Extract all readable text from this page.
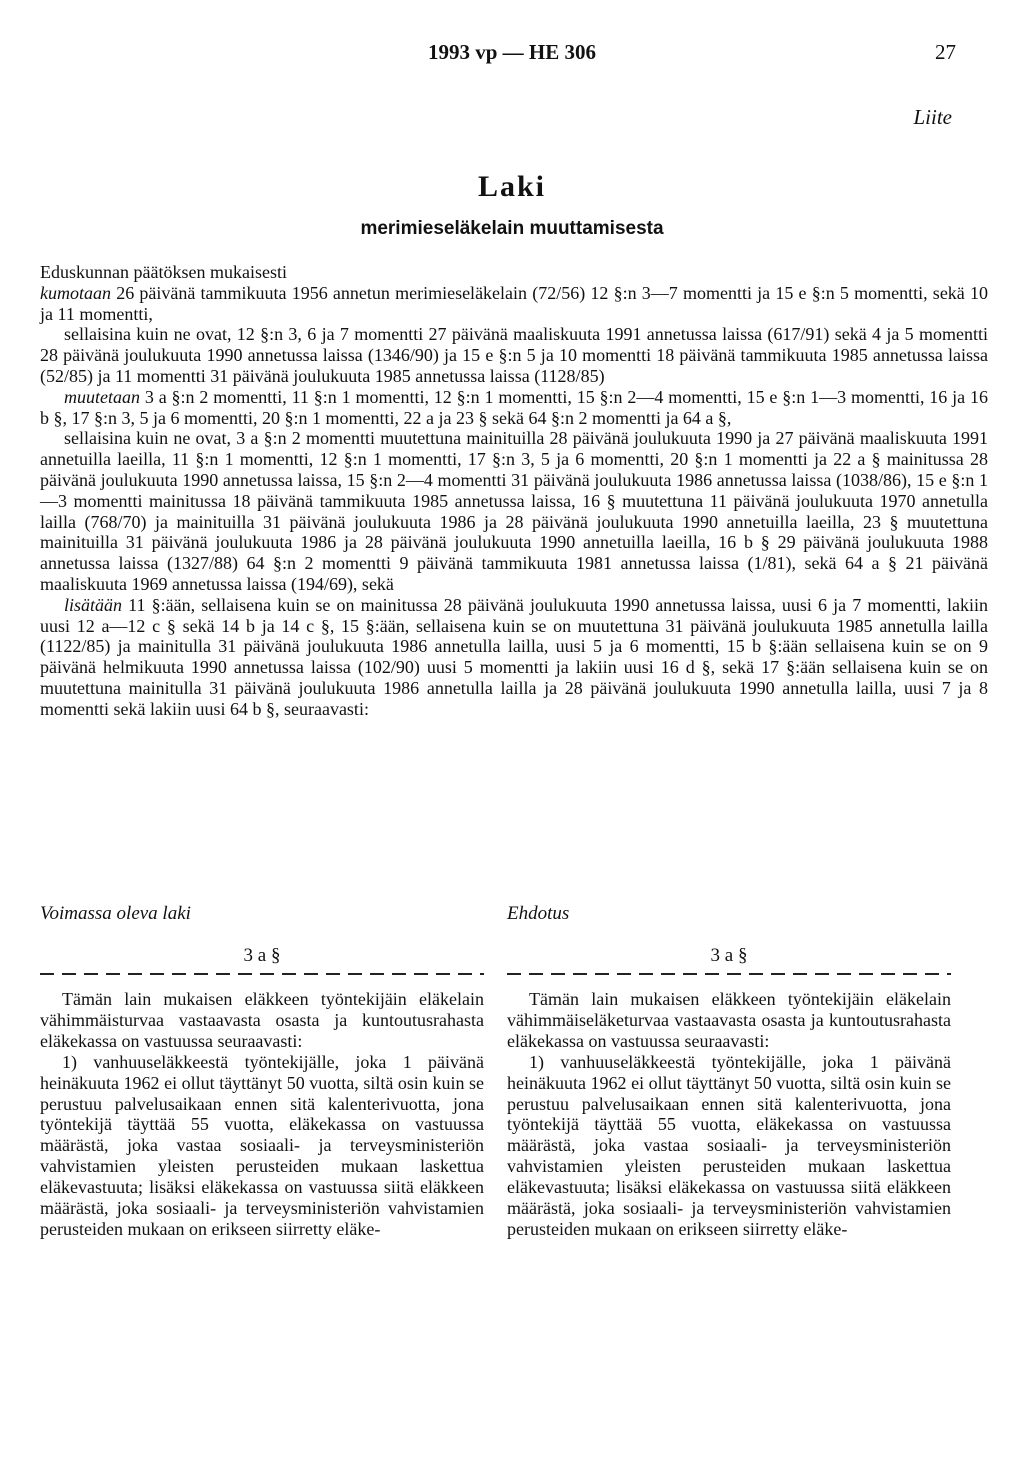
1993 vp — HE 306	27
Liite
Laki
merimieseläkelain muuttamisesta

Eduskunnan päätöksen mukaisesti

kumotaan 26 päivänä tammikuuta 1956 annetun merimieseläkelain (72/56) 12 §:n 3—7 momentti ja 15 e §:n 5 momentti, sekä 10 ja 11 momentti,

sellaisina kuin ne ovat, 12 §:n 3, 6 ja 7 momentti 27 päivänä maaliskuuta 1991 annetussa laissa (617/91) sekä 4 ja 5 momentti 28 päivänä joulukuuta 1990 annetussa laissa (1346/90) ja 15 e §:n 5 ja 10 momentti 18 päivänä tammikuuta 1985 annetussa laissa (52/85) ja 11 momentti 31 päivänä joulukuuta 1985 annetussa laissa (1128/85)

muutetaan 3 a §:n 2 momentti, 11 §:n 1 momentti, 12 §:n 1 momentti, 15 §:n 2—4 momentti, 15 e §:n 1—3 momentti, 16 ja 16 b §, 17 §:n 3, 5 ja 6 momentti, 20 §:n 1 momentti, 22 a ja 23 § sekä 64 §:n 2 momentti ja 64 a §,

sellaisina kuin ne ovat, 3 a §:n 2 momentti muutettuna mainituilla 28 päivänä joulukuuta 1990 ja 27 päivänä maaliskuuta 1991 annetuilla laeilla, 11 §:n 1 momentti, 12 §:n 1 momentti, 17 §:n 3, 5 ja 6 momentti, 20 §:n 1 momentti ja 22 a § mainitussa 28 päivänä joulukuuta 1990 annetussa laissa, 15 §:n 2—4 momentti 31 päivänä joulukuuta 1986 annetussa laissa (1038/86), 15 e §:n 1—3 momentti mainitussa 18 päivänä tammikuuta 1985 annetussa laissa, 16 § muutettuna 11 päivänä joulukuuta 1970 annetulla lailla (768/70) ja mainituilla 31 päivänä joulukuuta 1986 ja 28 päivänä joulukuuta 1990 annetuilla laeilla, 23 § muutettuna mainituilla 31 päivänä joulukuuta 1986 ja 28 päivänä joulukuuta 1990 annetuilla laeilla, 16 b § 29 päivänä joulukuuta 1988 annetussa laissa (1327/88) 64 §:n 2 momentti 9 päivänä tammikuuta 1981 annetussa laissa (1/81), sekä 64 a § 21 päivänä maaliskuuta 1969 annetussa laissa (194/69), sekä

lisätään 11 §:ään, sellaisena kuin se on mainitussa 28 päivänä joulukuuta 1990 annetussa laissa, uusi 6 ja 7 momentti, lakiin uusi 12 a—12 c § sekä 14 b ja 14 c §, 15 §:ään, sellaisena kuin se on muutettuna 31 päivänä joulukuuta 1985 annetulla lailla (1122/85) ja mainitulla 31 päivänä joulukuuta 1986 annetulla lailla, uusi 5 ja 6 momentti, 15 b §:ään sellaisena kuin se on 9 päivänä helmikuuta 1990 annetussa laissa (102/90) uusi 5 momentti ja lakiin uusi 16 d §, sekä 17 §:ään sellaisena kuin se on muutettuna mainitulla 31 päivänä joulukuuta 1986 annetulla lailla ja 28 päivänä joulukuuta 1990 annetulla lailla, uusi 7 ja 8 momentti sekä lakiin uusi 64 b §, seuraavasti:

Voimassa oleva laki	Ehdotus
3 a §

Tämän lain mukaisen eläkkeen työntekijäin eläkelain vähimmäisturvaa vastaavasta osasta ja kuntoutusrahasta eläkekassa on vastuussa seuraavasti:

1) vanhuuseläkkeestä työntekijälle, joka 1 päivänä heinäkuuta 1962 ei ollut täyttänyt 50 vuotta, siltä osin kuin se perustuu palvelusaikaan ennen sitä kalenterivuotta, jona työntekijä täyttää 55 vuotta, eläkekassa on vastuussa määrästä, joka vastaa sosiaali- ja terveysministeriön vahvistamien yleisten perusteiden mukaan laskettua eläkevastuuta; lisäksi eläkekassa on vastuussa siitä eläkkeen määrästä, joka sosiaali- ja terveysministeriön vahvistamien perusteiden mukaan on erikseen siirretty eläke-

3 a §

Tämän lain mukaisen eläkkeen työntekijäin eläkelain vähimmäiseläketurvaa vastaavasta osasta ja kuntoutusrahasta eläkekassa on vastuussa seuraavasti:

1) vanhuuseläkkeestä työntekijälle, joka 1 päivänä heinäkuuta 1962 ei ollut täyttänyt 50 vuotta, siltä osin kuin se perustuu palvelusaikaan ennen sitä kalenterivuotta, jona työntekijä täyttää 55 vuotta, eläkekassa on vastuussa määrästä, joka vastaa sosiaali- ja terveysministeriön vahvistamien yleisten perusteiden mukaan laskettua eläkevastuuta; lisäksi eläkekassa on vastuussa siitä eläkkeen määrästä, joka sosiaali- ja terveysministeriön vahvistamien perusteiden mukaan on erikseen siirretty eläke-
